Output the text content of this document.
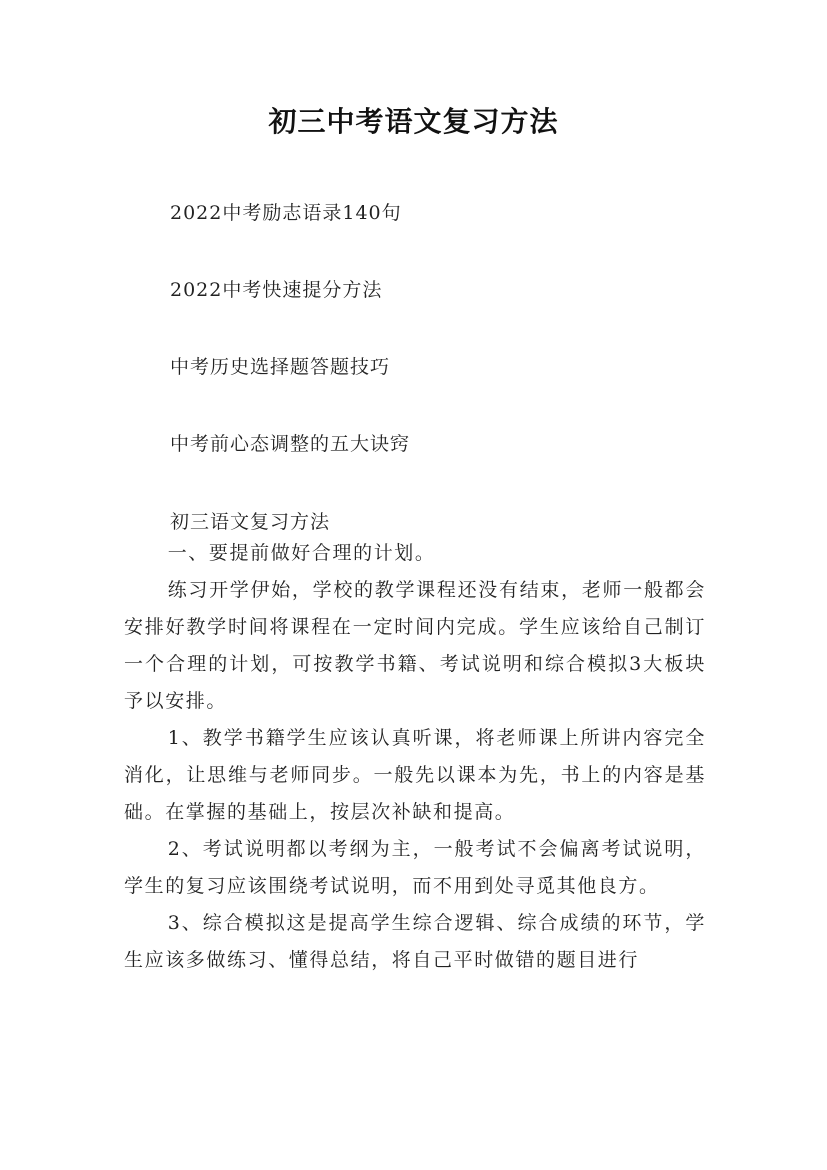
初三中考语文复习方法
2022中考励志语录140句
2022中考快速提分方法
中考历史选择题答题技巧
中考前心态调整的五大诀窍
初三语文复习方法

一、要提前做好合理的计划。

练习开学伊始，学校的教学课程还没有结束，老师一般都会安排好教学时间将课程在一定时间内完成。学生应该给自己制订一个合理的计划，可按教学书籍、考试说明和综合模拟3大板块予以安排。

1、教学书籍学生应该认真听课，将老师课上所讲内容完全消化，让思维与老师同步。一般先以课本为先，书上的内容是基础。在掌握的基础上，按层次补缺和提高。

2、考试说明都以考纲为主，一般考试不会偏离考试说明，学生的复习应该围绕考试说明，而不用到处寻觅其他良方。

3、综合模拟这是提高学生综合逻辑、综合成绩的环节，学生应该多做练习、懂得总结，将自己平时做错的题目进行
